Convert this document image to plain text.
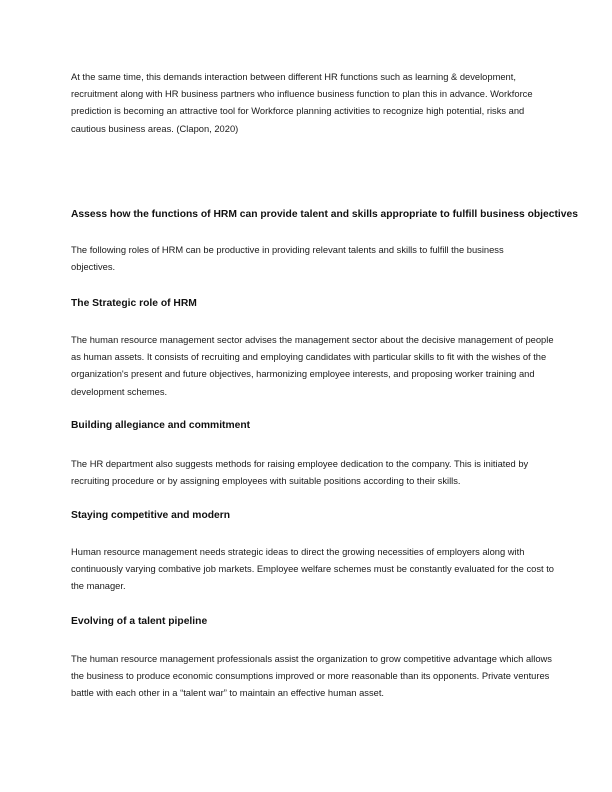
At the same time, this demands interaction between different HR functions such as learning & development, recruitment along with HR business partners who influence business function to plan this in advance. Workforce prediction is becoming an attractive tool for Workforce planning activities to recognize high potential, risks and cautious business areas. (Clapon, 2020)

Assess how the functions of HRM can provide talent and skills appropriate to fulfill business objectives

The following roles of HRM can be productive in providing relevant talents and skills to fulfill the business objectives.

The Strategic role of HRM

The human resource management sector advises the management sector about the decisive management of people as human assets. It consists of recruiting and employing candidates with particular skills to fit with the wishes of the organization's present and future objectives, harmonizing employee interests, and proposing worker training and development schemes.

Building allegiance and commitment

The HR department also suggests methods for raising employee dedication to the company. This is initiated by recruiting procedure or by assigning employees with suitable positions according to their skills.

Staying competitive and modern

Human resource management needs strategic ideas to direct the growing necessities of employers along with continuously varying combative job markets. Employee welfare schemes must be constantly evaluated for the cost to the manager.

Evolving of a talent pipeline

The human resource management professionals assist the organization to grow competitive advantage which allows the business to produce economic consumptions improved or more reasonable than its opponents. Private ventures battle with each other in a “talent war” to maintain an effective human asset.
